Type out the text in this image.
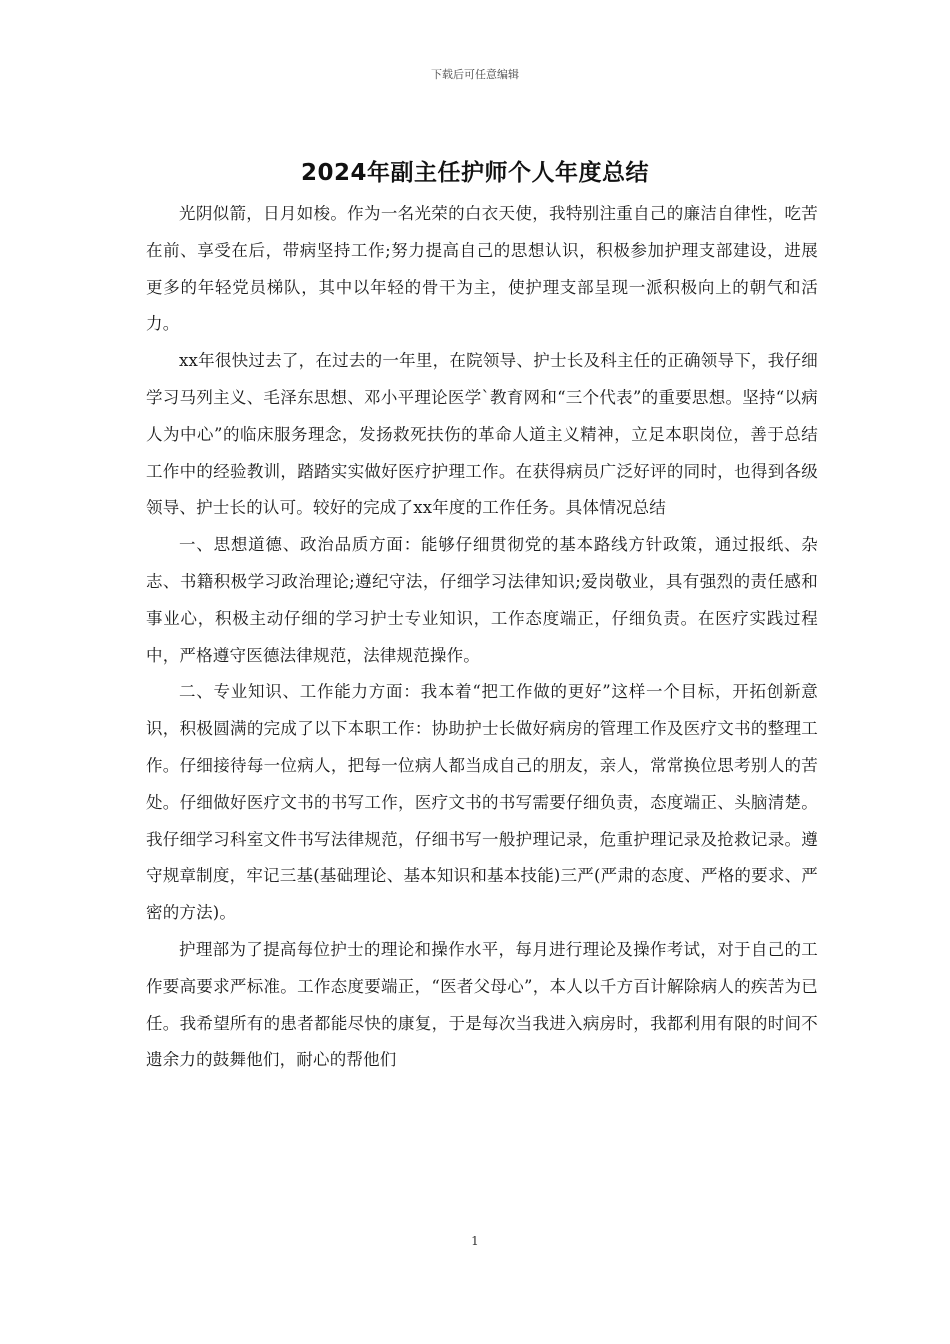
下载后可任意编辑
2024年副主任护师个人年度总结

光阴似箭，日月如梭。作为一名光荣的白衣天使，我特别注重自己的廉洁自律性，吃苦在前、享受在后，带病坚持工作;努力提高自己的思想认识，积极参加护理支部建设，进展更多的年轻党员梯队，其中以年轻的骨干为主，使护理支部呈现一派积极向上的朝气和活力。

xx年很快过去了，在过去的一年里，在院领导、护士长及科主任的正确领导下，我仔细学习马列主义、毛泽东思想、邓小平理论医学`教育网和“三个代表”的重要思想。坚持“以病人为中心”的临床服务理念，发扬救死扶伤的革命人道主义精神，立足本职岗位，善于总结工作中的经验教训，踏踏实实做好医疗护理工作。在获得病员广泛好评的同时，也得到各级领导、护士长的认可。较好的完成了xx年度的工作任务。具体情况总结

一、思想道德、政治品质方面：能够仔细贯彻党的基本路线方针政策，通过报纸、杂志、书籍积极学习政治理论;遵纪守法，仔细学习法律知识;爱岗敬业，具有强烈的责任感和事业心，积极主动仔细的学习护士专业知识，工作态度端正，仔细负责。在医疗实践过程中，严格遵守医德法律规范，法律规范操作。

二、专业知识、工作能力方面：我本着“把工作做的更好”这样一个目标，开拓创新意识，积极圆满的完成了以下本职工作：协助护士长做好病房的管理工作及医疗文书的整理工作。仔细接待每一位病人，把每一位病人都当成自己的朋友，亲人，常常换位思考别人的苦处。仔细做好医疗文书的书写工作，医疗文书的书写需要仔细负责，态度端正、头脑清楚。我仔细学习科室文件书写法律规范，仔细书写一般护理记录，危重护理记录及抢救记录。遵守规章制度，牢记三基(基础理论、基本知识和基本技能)三严(严肃的态度、严格的要求、严密的方法)。

护理部为了提高每位护士的理论和操作水平，每月进行理论及操作考试，对于自己的工作要高要求严标准。工作态度要端正，“医者父母心”，本人以千方百计解除病人的疾苦为已任。我希望所有的患者都能尽快的康复，于是每次当我进入病房时，我都利用有限的时间不遗余力的鼓舞他们，耐心的帮他们

1
